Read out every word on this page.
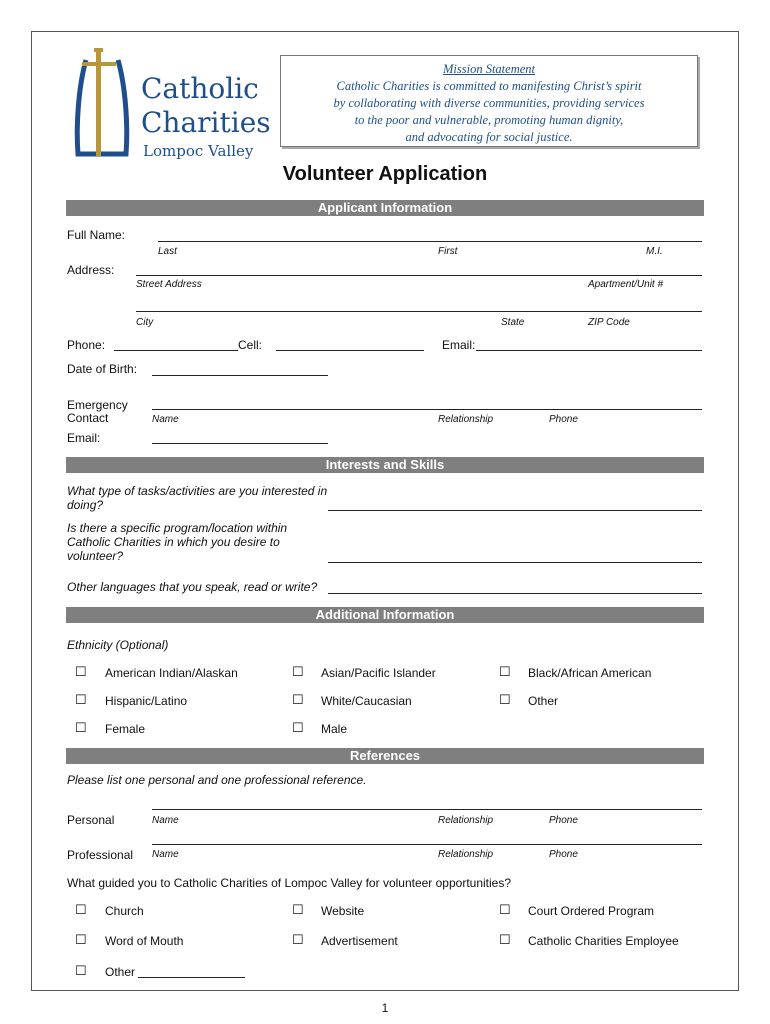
Catholic
Charities
Lompoc Valley
Mission Statement
Catholic Charities is committed to manifesting Christ’s spirit
by collaborating with diverse communities, providing services
to the poor and vulnerable, promoting human dignity,
and advocating for social justice.
Volunteer Application
Applicant Information
Full Name:
Last	First	M.I.
Address:
Street Address	Apartment/Unit #
City	State	ZIP Code
Phone:	Cell:	Email:
Date of Birth:
Emergency
Contact	Name	Relationship	Phone
Email:
Interests and Skills
What type of tasks/activities are you interested in
doing?
Is there a specific program/location within
Catholic Charities in which you desire to
volunteer?
Other languages that you speak, read or write?
Additional Information
Ethnicity (Optional)
☐ American Indian/Alaskan	☐ Asian/Pacific Islander	☐ Black/African American
☐ Hispanic/Latino	☐ White/Caucasian	☐ Other
☐ Female	☐ Male
References
Please list one personal and one professional reference.
Personal	Name	Relationship	Phone
Professional Name	Relationship	Phone
What guided you to Catholic Charities of Lompoc Valley for volunteer opportunities?
☐ Church	☐ Website	☐ Court Ordered Program
☐ Word of Mouth	☐ Advertisement	☐ Catholic Charities Employee
☐ Other
1
